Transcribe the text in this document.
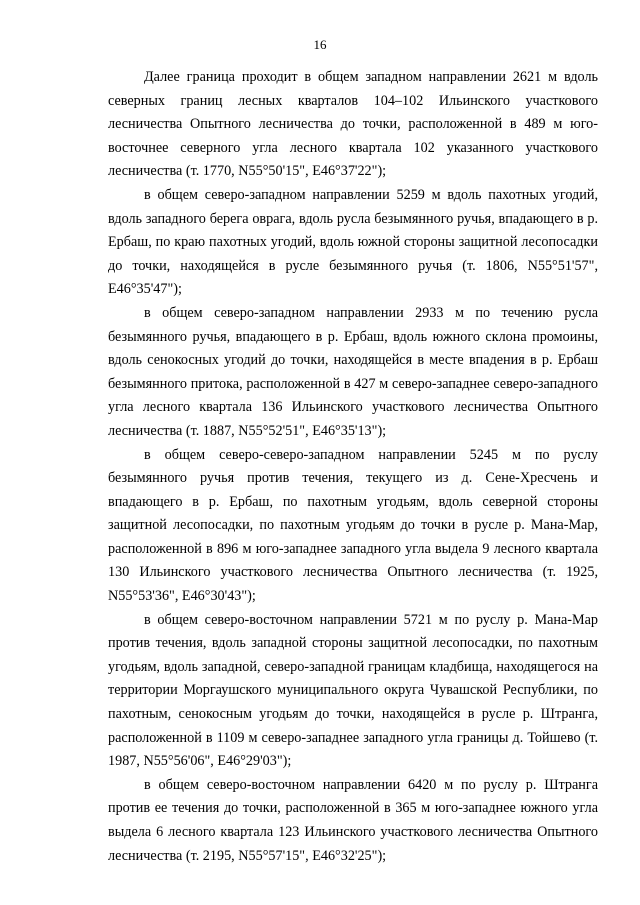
16

Далее граница проходит в общем западном направлении 2621 м вдоль северных границ лесных кварталов 104–102 Ильинского участкового лесничества Опытного лесничества до точки, расположенной в 489 м юго-восточнее северного угла лесного квартала 102 указанного участкового лесничества (т. 1770, N55°50'15", E46°37'22");

в общем северо-западном направлении 5259 м вдоль пахотных угодий, вдоль западного берега оврага, вдоль русла безымянного ручья, впадающего в р. Ербаш, по краю пахотных угодий, вдоль южной стороны защитной лесопосадки до точки, находящейся в русле безымянного ручья (т. 1806, N55°51'57", E46°35'47");

в общем северо-западном направлении 2933 м по течению русла безымянного ручья, впадающего в р. Ербаш, вдоль южного склона промоины, вдоль сенокосных угодий до точки, находящейся в месте впадения в р. Ербаш безымянного притока, расположенной в 427 м северо-западнее северо-западного угла лесного квартала 136 Ильинского участкового лесничества Опытного лесничества (т. 1887, N55°52'51", E46°35'13");

в общем северо-северо-западном направлении 5245 м по руслу безымянного ручья против течения, текущего из д. Сене-Хресчень и впадающего в р. Ербаш, по пахотным угодьям, вдоль северной стороны защитной лесопосадки, по пахотным угодьям до точки в русле р. Мана-Мар, расположенной в 896 м юго-западнее западного угла выдела 9 лесного квартала 130 Ильинского участкового лесничества Опытного лесничества (т. 1925, N55°53'36", E46°30'43");

в общем северо-восточном направлении 5721 м по руслу р. Мана-Мар против течения, вдоль западной стороны защитной лесопосадки, по пахотным угодьям, вдоль западной, северо-западной границам кладбища, находящегося на территории Моргаушского муниципального округа Чувашской Республики, по пахотным, сенокосным угодьям до точки, находящейся в русле р. Штранга, расположенной в 1109 м северо-западнее западного угла границы д. Тойшево (т. 1987, N55°56'06", E46°29'03");

в общем северо-восточном направлении 6420 м по руслу р. Штранга против ее течения до точки, расположенной в 365 м юго-западнее южного угла выдела 6 лесного квартала 123 Ильинского участкового лесничества Опытного лесничества (т. 2195, N55°57'15", E46°32'25");
